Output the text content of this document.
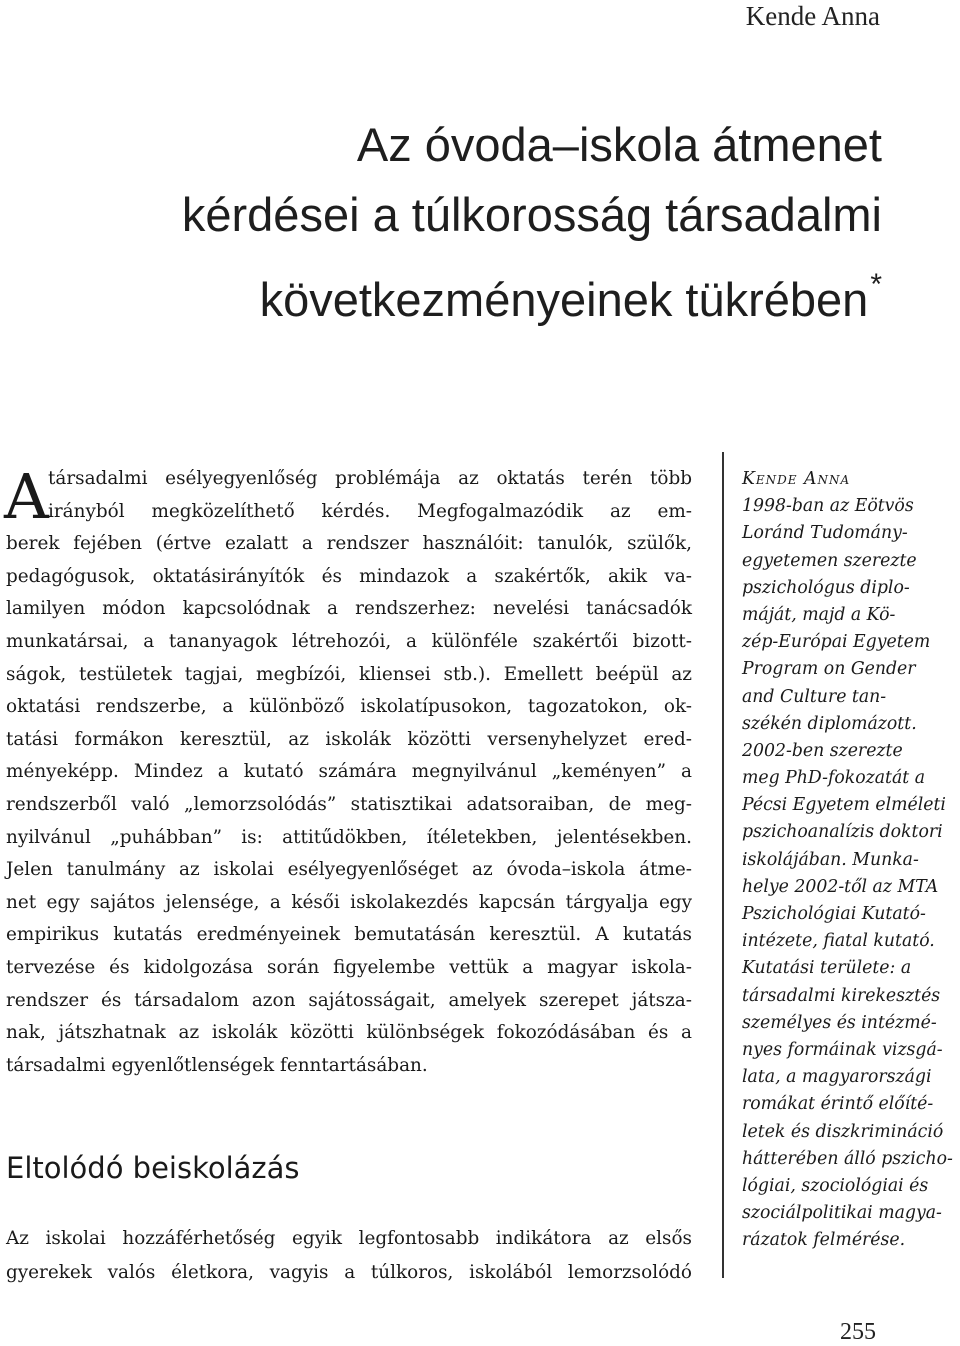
Kende Anna
Az óvoda–iskola átmenet
kérdései a túlkorosság társadalmi
következményeinek tükrében*
A társadalmi esélyegyenlőség problémája az oktatás terén több
irányból megközelíthető kérdés. Megfogalmazódik az em-
berek fejében (értve ezalatt a rendszer használóit: tanulók, szülők,
pedagógusok, oktatásirányítók és mindazok a szakértők, akik va-
lamilyen módon kapcsolódnak a rendszerhez: nevelési tanácsadók
munkatársai, a tananyagok létrehozói, a különféle szakértői bizott-
ságok, testületek tagjai, megbízói, kliensei stb.). Emellett beépül az
oktatási rendszerbe, a különböző iskolatípusokon, tagozatokon, ok-
tatási formákon keresztül, az iskolák közötti versenyhelyzet ered-
ményeképp. Mindez a kutató számára megnyilvánul „keményen” a
rendszerből való „lemorzsolódás” statisztikai adatsoraiban, de meg-
nyilvánul „puhábban” is: attitűdökben, ítéletekben, jelentésekben.
Jelen tanulmány az iskolai esélyegyenlőséget az óvoda–iskola átme-
net egy sajátos jelensége, a késői iskolakezdés kapcsán tárgyalja egy
empirikus kutatás eredményeinek bemutatásán keresztül. A kutatás
tervezése és kidolgozása során figyelembe vettük a magyar iskola-
rendszer és társadalom azon sajátosságait, amelyek szerepet játsza-
nak, játszhatnak az iskolák közötti különbségek fokozódásában és a
társadalmi egyenlőtlenségek fenntartásában.
Eltolódó beiskolázás
Az iskolai hozzáférhetőség egyik legfontosabb indikátora az elsős
gyerekek valós életkora, vagyis a túlkoros, iskolából lemorzsolódó
Kende Anna
1998-ban az Eötvös
Loránd Tudomány-
egyetemen szerezte
pszichológus diplo-
máját, majd a Kö-
zép-Európai Egyetem
Program on Gender
and Culture tan-
székén diplomázott.
2002-ben szerezte
meg PhD-fokozatát a
Pécsi Egyetem elméleti
pszichoanalízis doktori
iskolájában. Munka-
helye 2002-től az MTA
Pszichológiai Kutató-
intézete, fiatal kutató.
Kutatási területe: a
társadalmi kirekesztés
személyes és intézmé-
nyes formáinak vizsgá-
lata, a magyarországi
romákat érintő előíté-
letek és diszkrimináció
hátterében álló pszicho-
lógiai, szociológiai és
szociálpolitikai magya-
rázatok felmérése.
255
